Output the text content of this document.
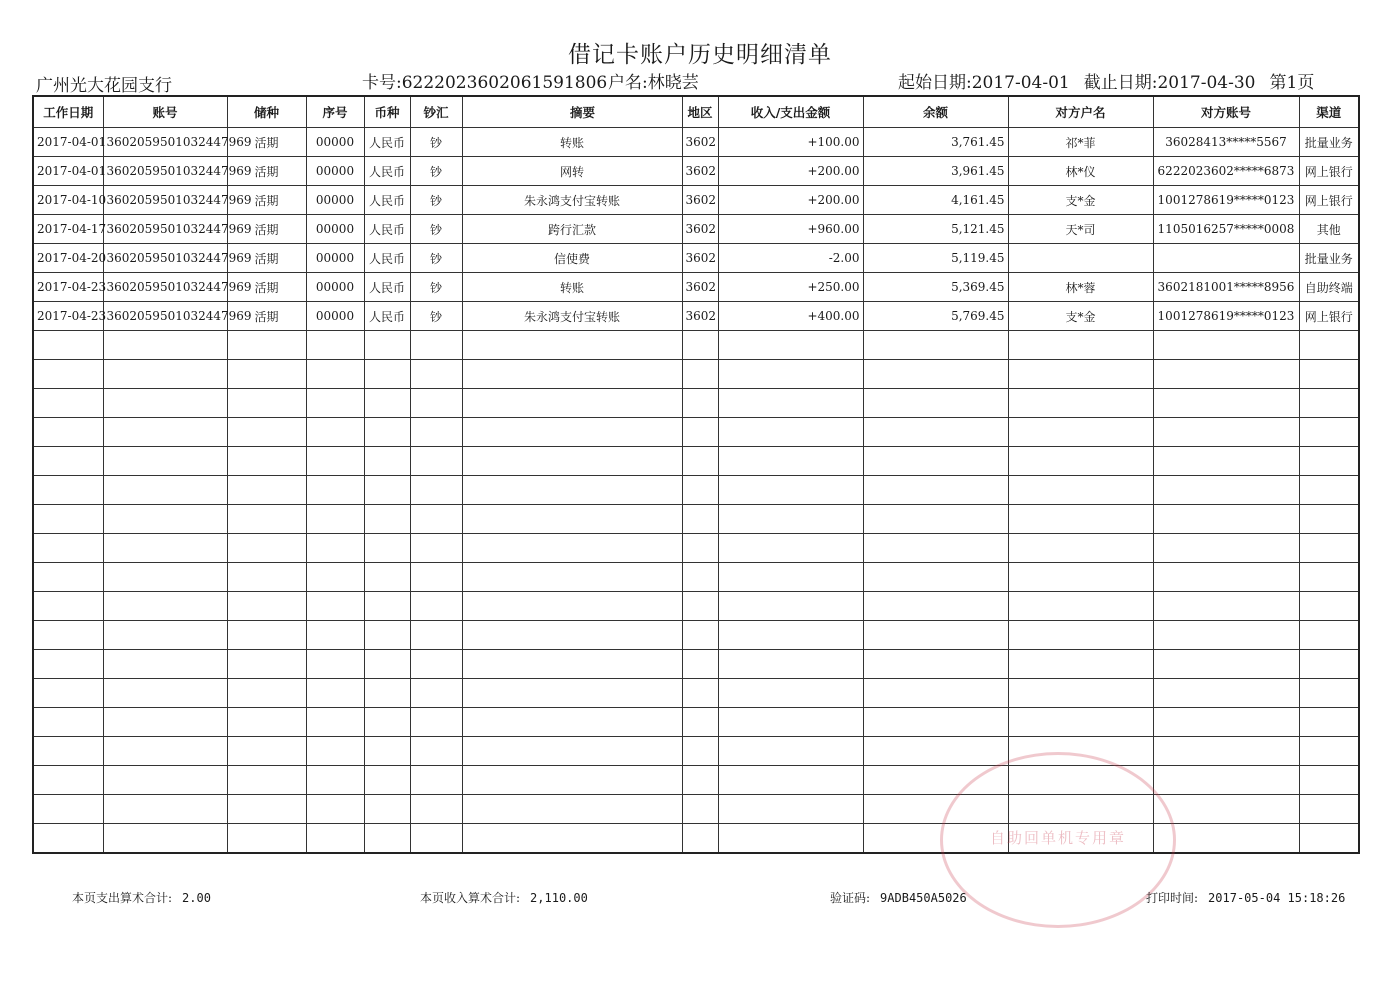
借记卡账户历史明细清单
广州光大花园支行	卡号:6222023602061591806 户名:林晓芸	起始日期:2017-04-01 截止日期:2017-04-30 第1页
工作日期	账号	储种	序号	币种	钞汇	摘要	地区	收入/支出金额	余额	对方户名	对方账号	渠道
2017-04-01	3602059501032447969	活期	00000	人民币	钞	转账	3602	+100.00	3,761.45	祁*菲	36028413*****5567	批量业务
2017-04-01	3602059501032447969	活期	00000	人民币	钞	网转	3602	+200.00	3,961.45	林*仪	6222023602*****6873	网上银行
2017-04-10	3602059501032447969	活期	00000	人民币	钞	朱永鸿支付宝转账	3602	+200.00	4,161.45	支*金	1001278619*****0123	网上银行
2017-04-17	3602059501032447969	活期	00000	人民币	钞	跨行汇款	3602	+960.00	5,121.45	天*司	1105016257*****0008	其他
2017-04-20	3602059501032447969	活期	00000	人民币	钞	信使费	3602	-2.00	5,119.45			批量业务
2017-04-23	3602059501032447969	活期	00000	人民币	钞	转账	3602	+250.00	5,369.45	林*蓉	3602181001*****8956	自助终端
2017-04-23	3602059501032447969	活期	00000	人民币	钞	朱永鸿支付宝转账	3602	+400.00	5,769.45	支*金	1001278619*****0123	网上银行

自助回单机专用章
本页支出算术合计: 2.00	本页收入算术合计: 2,110.00	验证码: 9ADB450A5026	打印时间: 2017-05-04 15:18:26
